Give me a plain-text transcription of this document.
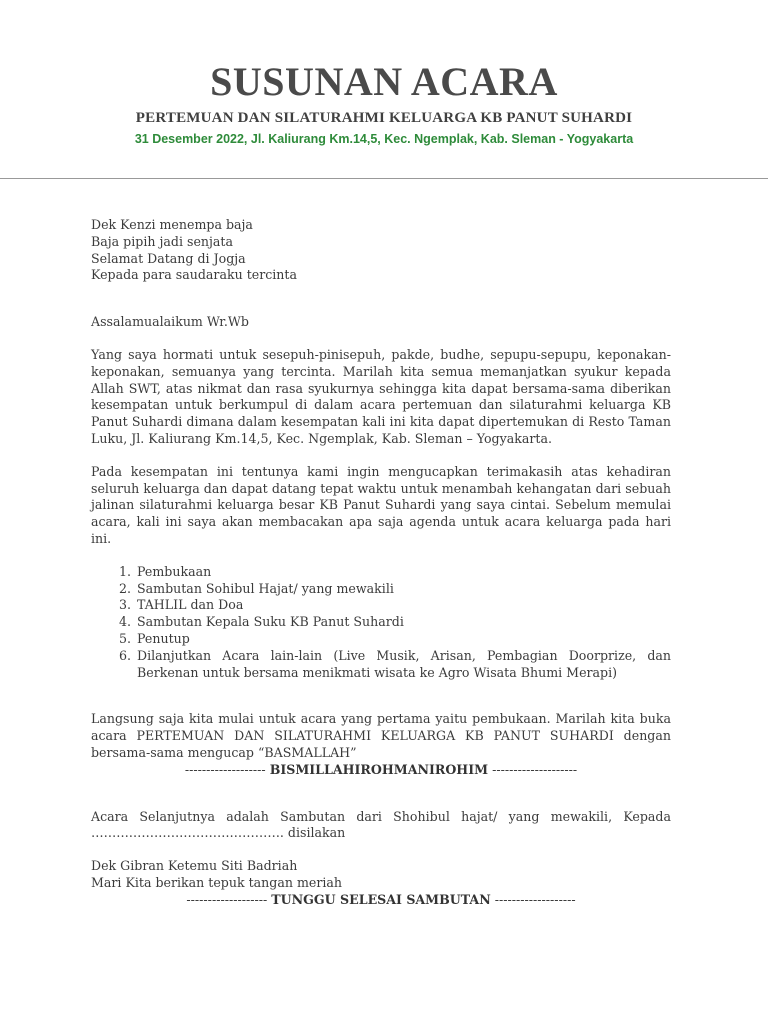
SUSUNAN ACARA
PERTEMUAN DAN SILATURAHMI KELUARGA KB PANUT SUHARDI
31 Desember 2022, Jl. Kaliurang Km.14,5, Kec. Ngemplak, Kab. Sleman - Yogyakarta

Dek Kenzi menempa baja

Baja pipih jadi senjata

Selamat Datang di Jogja

Kepada para saudaraku tercinta

Assalamualaikum Wr.Wb

Yang saya hormati untuk sesepuh-pinisepuh, pakde, budhe, sepupu-sepupu, keponakan-keponakan, semuanya yang tercinta. Marilah kita semua memanjatkan syukur kepada Allah SWT, atas nikmat dan rasa syukurnya sehingga kita dapat bersama-sama diberikan kesempatan untuk berkumpul di dalam acara pertemuan dan silaturahmi keluarga KB Panut Suhardi dimana dalam kesempatan kali ini kita dapat dipertemukan di Resto Taman Luku, Jl. Kaliurang Km.14,5, Kec. Ngemplak, Kab. Sleman – Yogyakarta.

Pada kesempatan ini tentunya kami ingin mengucapkan terimakasih atas kehadiran seluruh keluarga dan dapat datang tepat waktu untuk menambah kehangatan dari sebuah jalinan silaturahmi keluarga besar KB Panut Suhardi yang saya cintai. Sebelum memulai acara, kali ini saya akan membacakan apa saja agenda untuk acara keluarga pada hari ini.

1. Pembukaan
2. Sambutan Sohibul Hajat/ yang mewakili
3. TAHLIL dan Doa
4. Sambutan Kepala Suku KB Panut Suhardi
5. Penutup
6. Dilanjutkan Acara lain-lain (Live Musik, Arisan, Pembagian Doorprize, dan Berkenan untuk bersama menikmati wisata ke Agro Wisata Bhumi Merapi)

Langsung saja kita mulai untuk acara yang pertama yaitu pembukaan. Marilah kita buka acara PERTEMUAN DAN SILATURAHMI KELUARGA KB PANUT SUHARDI dengan bersama-sama mengucap “BASMALLAH”

------------------- BISMILLAHIROHMANIROHIM --------------------

Acara Selanjutnya adalah Sambutan dari Shohibul hajat/ yang mewakili, Kepada ………………………………………. disilakan

Dek Gibran Ketemu Siti Badriah

Mari Kita berikan tepuk tangan meriah

------------------- TUNGGU SELESAI SAMBUTAN -------------------
